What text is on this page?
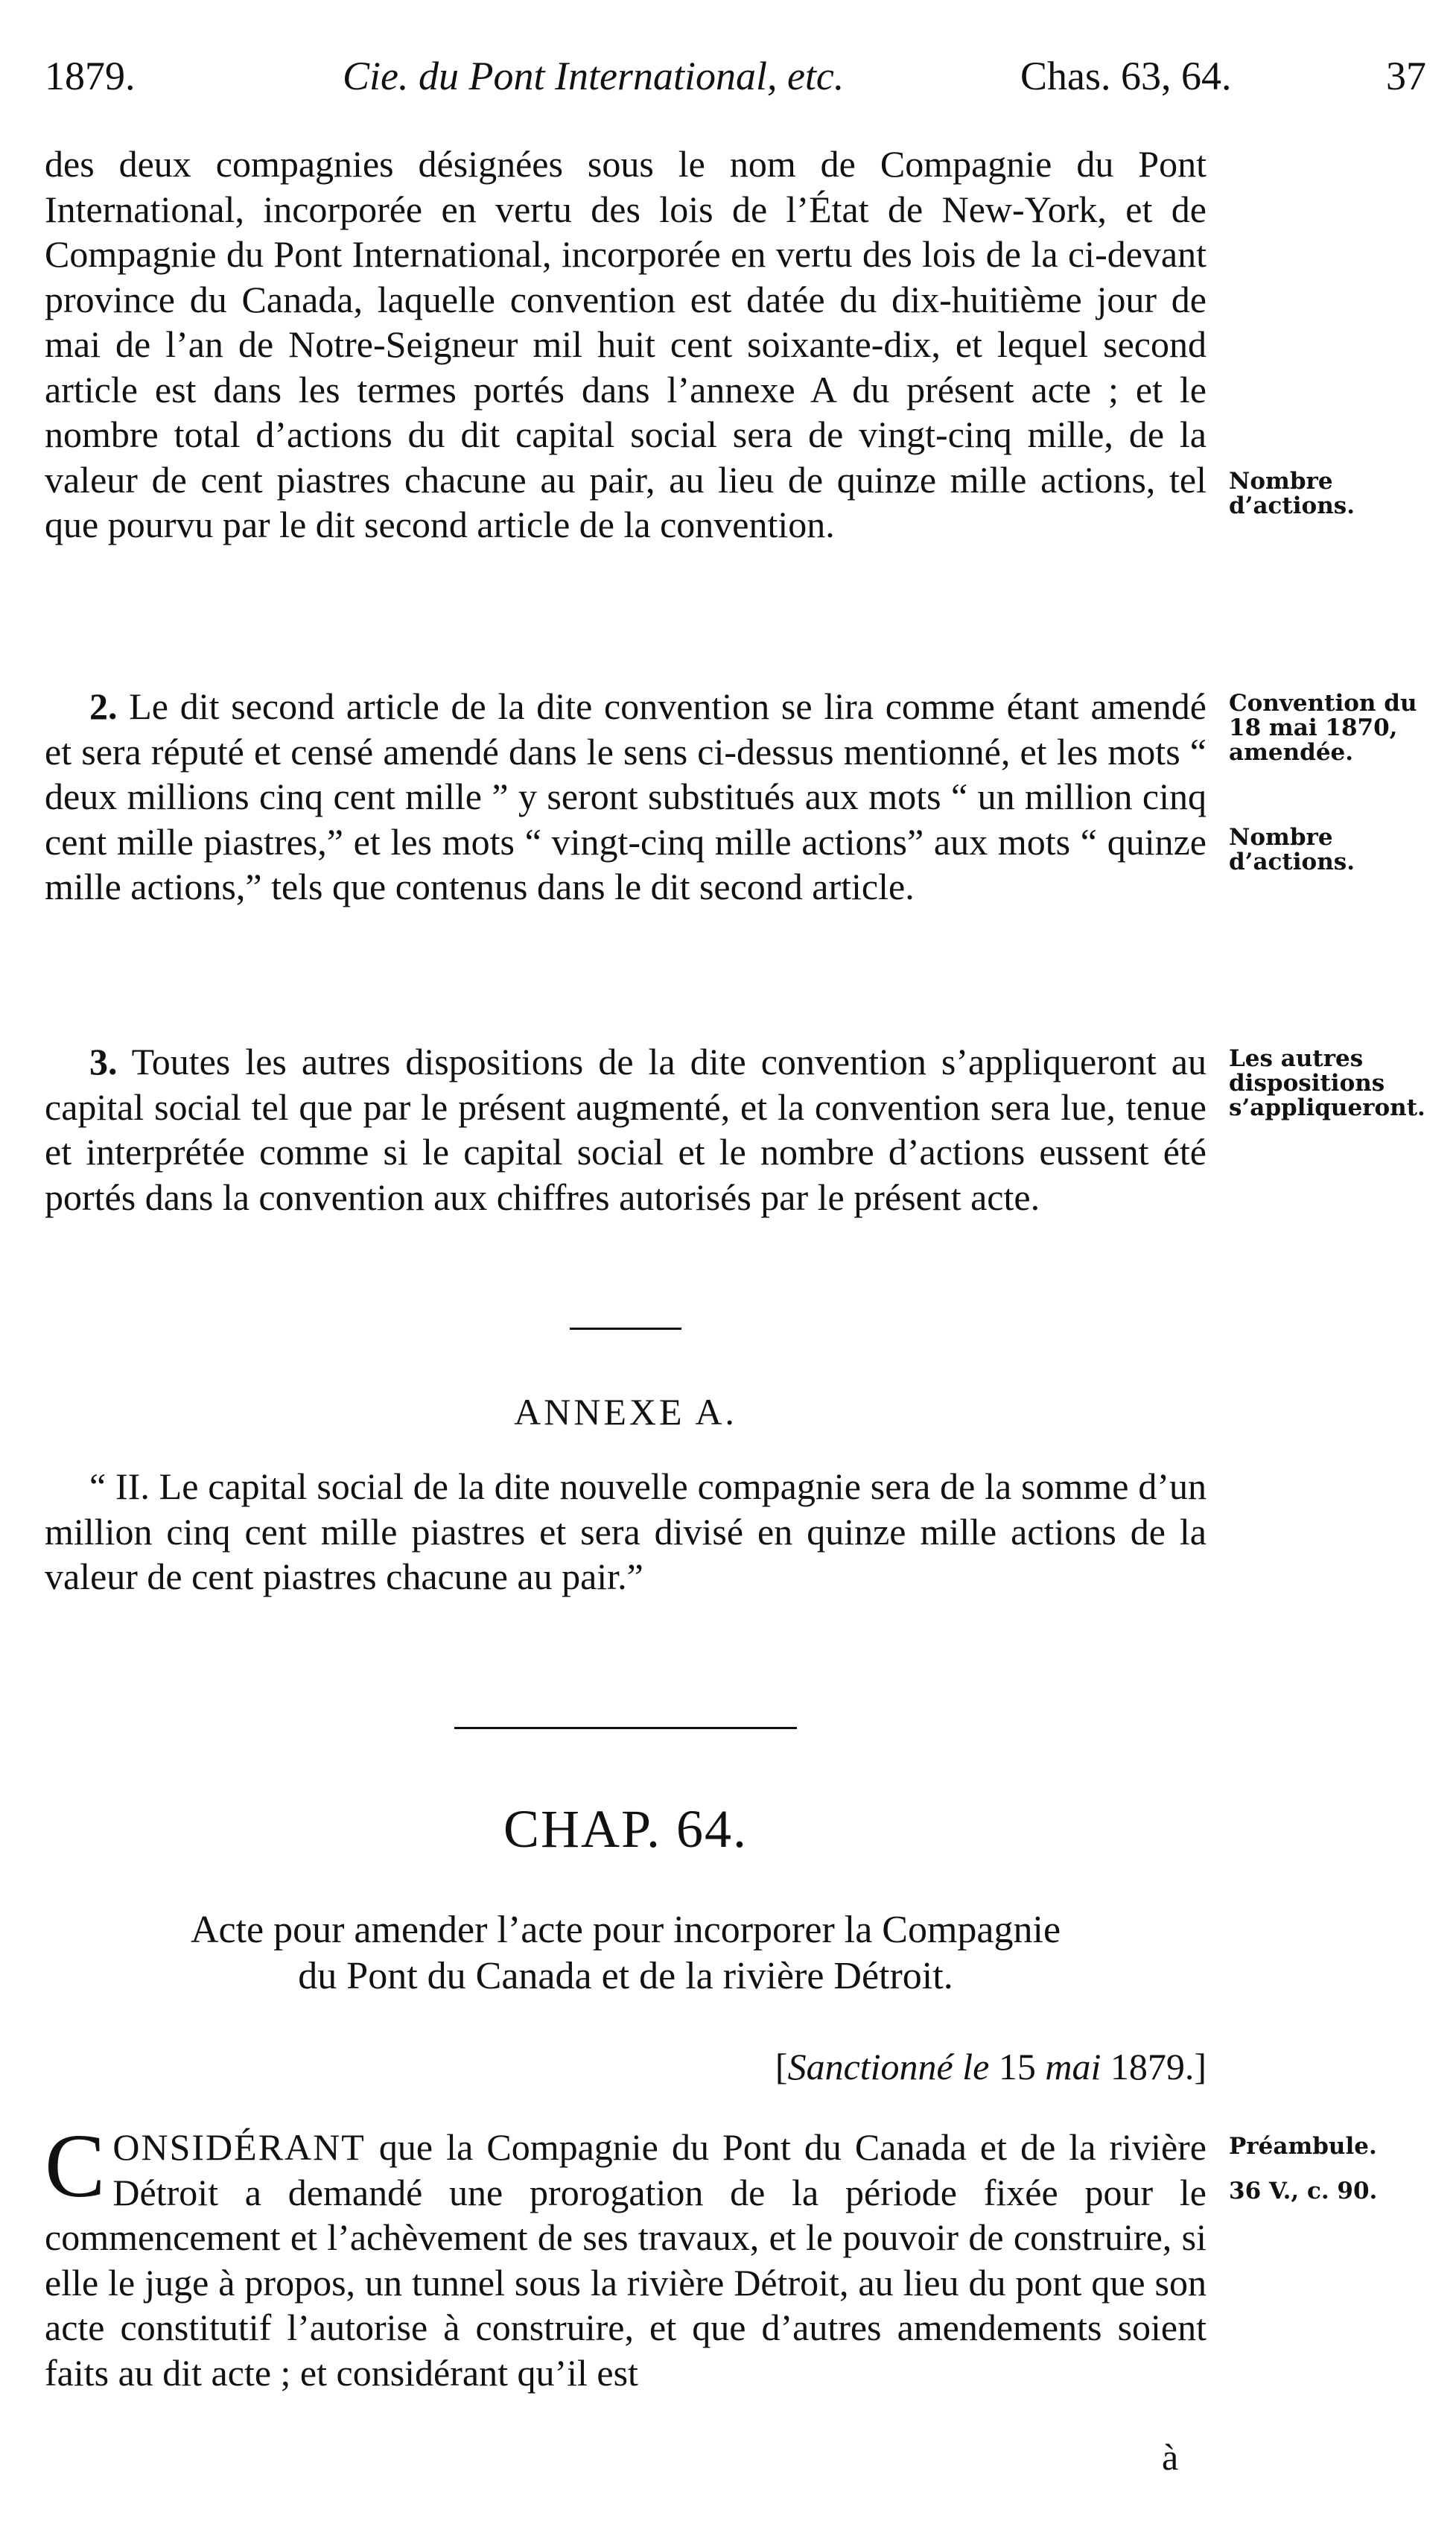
1879.	Cie. du Pont International, etc.	Chas. 63, 64.	37

des deux compagnies désignées sous le nom de Compagnie du Pont International, incorporée en vertu des lois de l’État de New-York, et de Compagnie du Pont International, incorporée en vertu des lois de la ci-devant province du Canada, laquelle convention est datée du dix-huitième jour de mai de l’an de Notre-Seigneur mil huit cent soixante-dix, et lequel second article est dans les termes portés dans l’annexe A du présent acte ; et le nombre total d’actions du dit capital social sera de vingt-cinq mille, de la valeur de cent piastres chacune au pair, au lieu de quinze mille actions, tel que pourvu par le dit second article de la convention.

Nombre d’actions.

2. Le dit second article de la dite convention se lira comme étant amendé et sera réputé et censé amendé dans le sens ci-dessus mentionné, et les mots “ deux millions cinq cent mille ” y seront substitués aux mots “ un million cinq cent mille piastres,” et les mots “ vingt-cinq mille actions” aux mots “ quinze mille actions,” tels que contenus dans le dit second article.

Convention du 18 mai 1870, amendée.
Nombre d’actions.

3. Toutes les autres dispositions de la dite convention s’appliqueront au capital social tel que par le présent augmenté, et la convention sera lue, tenue et interprétée comme si le capital social et le nombre d’actions eussent été portés dans la convention aux chiffres autorisés par le présent acte.

Les autres dispositions s’appliqueront.
ANNEXE A.

“ II. Le capital social de la dite nouvelle compagnie sera de la somme d’un million cinq cent mille piastres et sera divisé en quinze mille actions de la valeur de cent piastres chacune au pair.”

CHAP. 64.
Acte pour amender l’acte pour incorporer la Compagnie
du Pont du Canada et de la rivière Détroit.
[Sanctionné le 15 mai 1879.]

CONSIDÉRANT que la Compagnie du Pont du Canada et de la rivière Détroit a demandé une prorogation de la période fixée pour le commencement et l’achèvement de ses travaux, et le pouvoir de construire, si elle le juge à propos, un tunnel sous la rivière Détroit, au lieu du pont que son acte constitutif l’autorise à construire, et que d’autres amendements soient faits au dit acte ; et considérant qu’il est

Préambule.
36 V., c. 90.
à
